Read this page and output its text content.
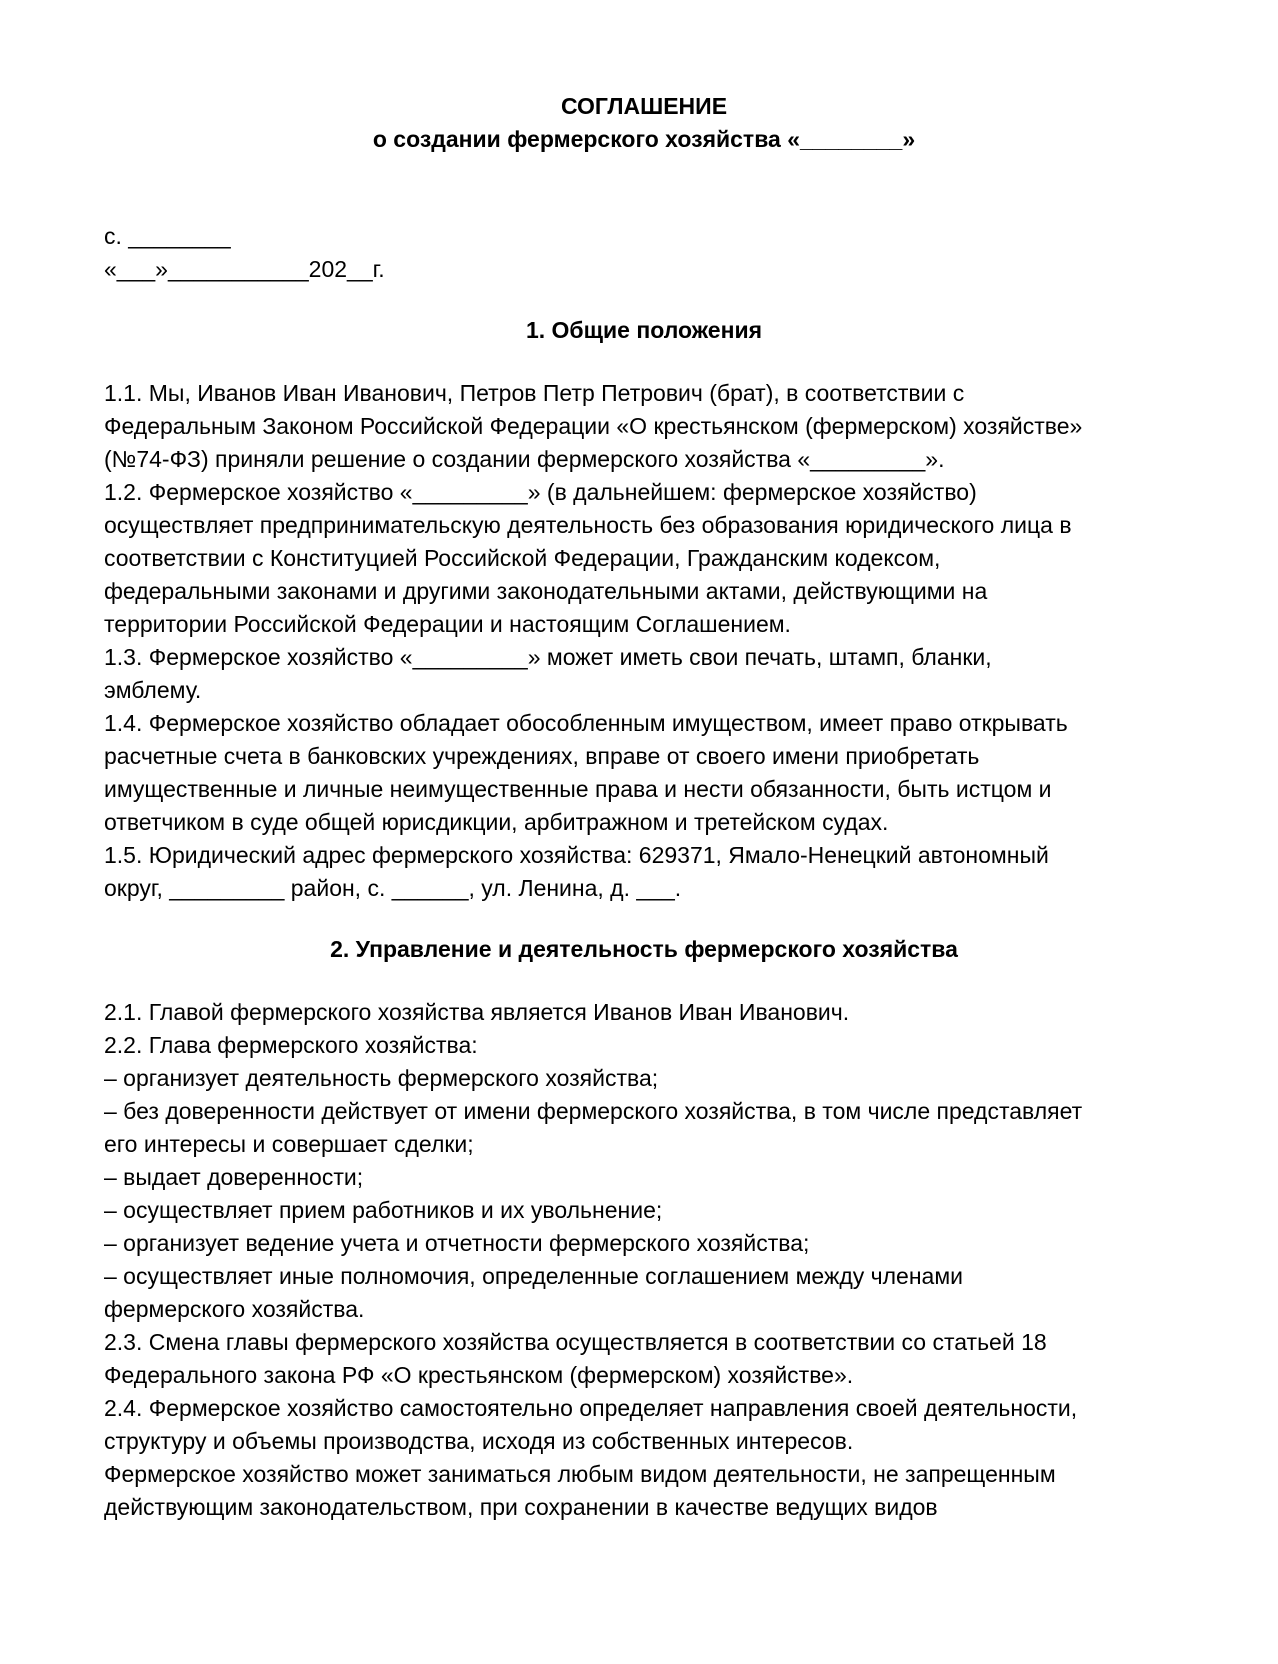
СОГЛАШЕНИЕ

о создании фермерского хозяйства «________»

с. ________
«___»___________202__г.
1. Общие положения

1.1. Мы, Иванов Иван Иванович, Петров Петр Петрович (брат), в соответствии с
Федеральным Законом Российской Федерации «О крестьянском (фермерском) хозяйстве»
(№74-ФЗ) приняли решение о создании фермерского хозяйства «_________».

1.2. Фермерское хозяйство «_________» (в дальнейшем: фермерское хозяйство)
осуществляет предпринимательскую деятельность без образования юридического лица в
соответствии с Конституцией Российской Федерации, Гражданским кодексом,
федеральными законами и другими законодательными актами, действующими на
территории Российской Федерации и настоящим Соглашением.

1.3. Фермерское хозяйство «_________» может иметь свои печать, штамп, бланки,
эмблему.

1.4. Фермерское хозяйство обладает обособленным имуществом, имеет право открывать
расчетные счета в банковских учреждениях, вправе от своего имени приобретать
имущественные и личные неимущественные права и нести обязанности, быть истцом и
ответчиком в суде общей юрисдикции, арбитражном и третейском судах.

1.5. Юридический адрес фермерского хозяйства: 629371, Ямало-Ненецкий автономный
округ, _________ район, с. ______, ул. Ленина, д. ___.

2. Управление и деятельность фермерского хозяйства

2.1. Главой фермерского хозяйства является Иванов Иван Иванович.

2.2. Глава фермерского хозяйства:

– организует деятельность фермерского хозяйства;

– без доверенности действует от имени фермерского хозяйства, в том числе представляет
его интересы и совершает сделки;

– выдает доверенности;

– осуществляет прием работников и их увольнение;

– организует ведение учета и отчетности фермерского хозяйства;

– осуществляет иные полномочия, определенные соглашением между членами
фермерского хозяйства.

2.3. Смена главы фермерского хозяйства осуществляется в соответствии со статьей 18
Федерального закона РФ «О крестьянском (фермерском) хозяйстве».

2.4. Фермерское хозяйство самостоятельно определяет направления своей деятельности,
структуру и объемы производства, исходя из собственных интересов.

Фермерское хозяйство может заниматься любым видом деятельности, не запрещенным
действующим законодательством, при сохранении в качестве ведущих видов
